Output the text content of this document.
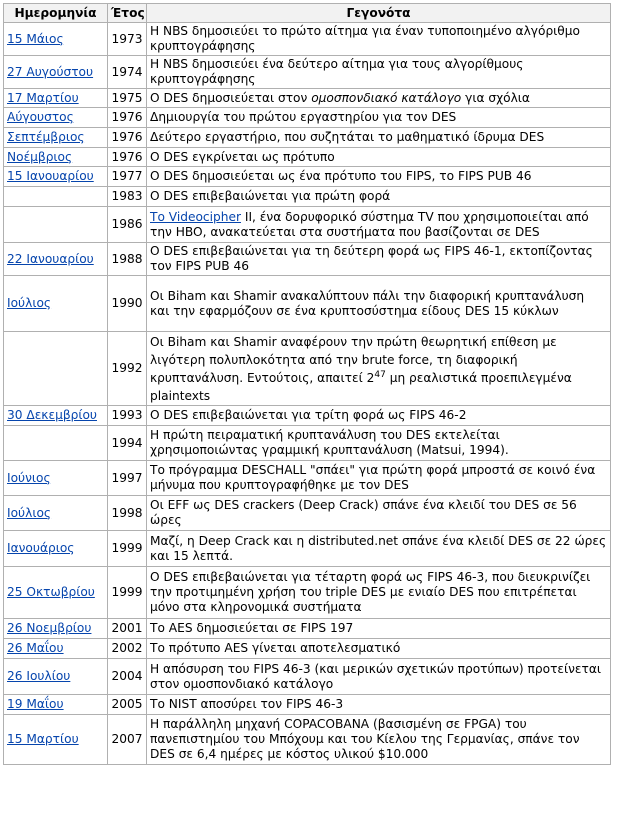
Ημερομηνία	Έτος	Γεγονότα
15 Μάιος	1973	Η NBS δημοσιεύει το πρώτο αίτημα για έναν τυποποιημένο αλγόριθμο κρυπτογράφησης
27 Αυγούστου	1974	Η NBS δημοσιεύει ένα δεύτερο αίτημα για τους αλγορίθμους κρυπτογράφησης
17 Μαρτίου	1975	Ο DES δημοσιεύεται στον ομοσπονδιακό κατάλογο για σχόλια
Αύγουστος	1976	Δημιουργία του πρώτου εργαστηρίου για τον DES
Σεπτέμβριος	1976	Δεύτερο εργαστήριο, που συζητάται το μαθηματικό ίδρυμα DES
Νοέμβριος	1976	Ο DES εγκρίνεται ως πρότυπο
15 Ιανουαρίου	1977	Ο DES δημοσιεύεται ως ένα πρότυπο του FIPS, το FIPS PUB 46
	1983	Ο DES επιβεβαιώνεται για πρώτη φορά
	1986	Το Videocipher II, ένα δορυφορικό σύστημα TV που χρησιμοποιείται από την HBO, ανακατεύεται στα συστήματα που βασίζονται σε DES
22 Ιανουαρίου	1988	Ο DES επιβεβαιώνεται για τη δεύτερη φορά ως FIPS 46-1, εκτοπίζοντας τον FIPS PUB 46
Ιούλιος	1990	Οι Biham και Shamir ανακαλύπτουν πάλι την διαφορική κρυπτανάλυση και την εφαρμόζουν σε ένα κρυπτοσύστημα είδους DES 15 κύκλων
	1992	Οι Biham και Shamir αναφέρουν την πρώτη θεωρητική επίθεση με λιγότερη πολυπλοκότητα από την brute force, τη διαφορική κρυπτανάλυση. Εντούτοις, απαιτεί $2^{47}$ μη ρεαλιστικά προεπιλεγμένα plaintexts
30 Δεκεμβρίου	1993	Ο DES επιβεβαιώνεται για τρίτη φορά ως FIPS 46-2
	1994	Η πρώτη πειραματική κρυπτανάλυση του DES εκτελείται χρησιμοποιώντας γραμμική κρυπτανάλυση (Matsui, 1994).
Ιούνιος	1997	Το πρόγραμμα DESCHALL "σπάει" για πρώτη φορά μπροστά σε κοινό ένα μήνυμα που κρυπτογραφήθηκε με τον DES
Ιούλιος	1998	Οι EFF ως DES crackers (Deep Crack) σπάνε ένα κλειδί του DES σε 56 ώρες
Ιανουάριος	1999	Μαζί, η Deep Crack και η distributed.net σπάνε ένα κλειδί DES σε 22 ώρες και 15 λεπτά.
25 Οκτωβρίου	1999	Ο DES επιβεβαιώνεται για τέταρτη φορά ως FIPS 46-3, που διευκρινίζει την προτιμημένη χρήση του triple DES με ενιαίο DES που επιτρέπεται μόνο στα κληρονομικά συστήματα
26 Νοεμβρίου	2001	Το AES δημοσιεύεται σε FIPS 197
26 Μαΐου	2002	Το πρότυπο AES γίνεται αποτελεσματικό
26 Ιουλίου	2004	Η απόσυρση του FIPS 46-3 (και μερικών σχετικών προτύπων) προτείνεται στον ομοσπονδιακό κατάλογο
19 Μαΐου	2005	Το NIST αποσύρει τον FIPS 46-3
15 Μαρτίου	2007	Η παράλληλη μηχανή COPACOBANA (βασισμένη σε FPGA) του πανεπιστημίου του Μπόχουμ και του Κίελου της Γερμανίας, σπάνε τον DES σε 6,4 ημέρες με κόστος υλικού $10.000
